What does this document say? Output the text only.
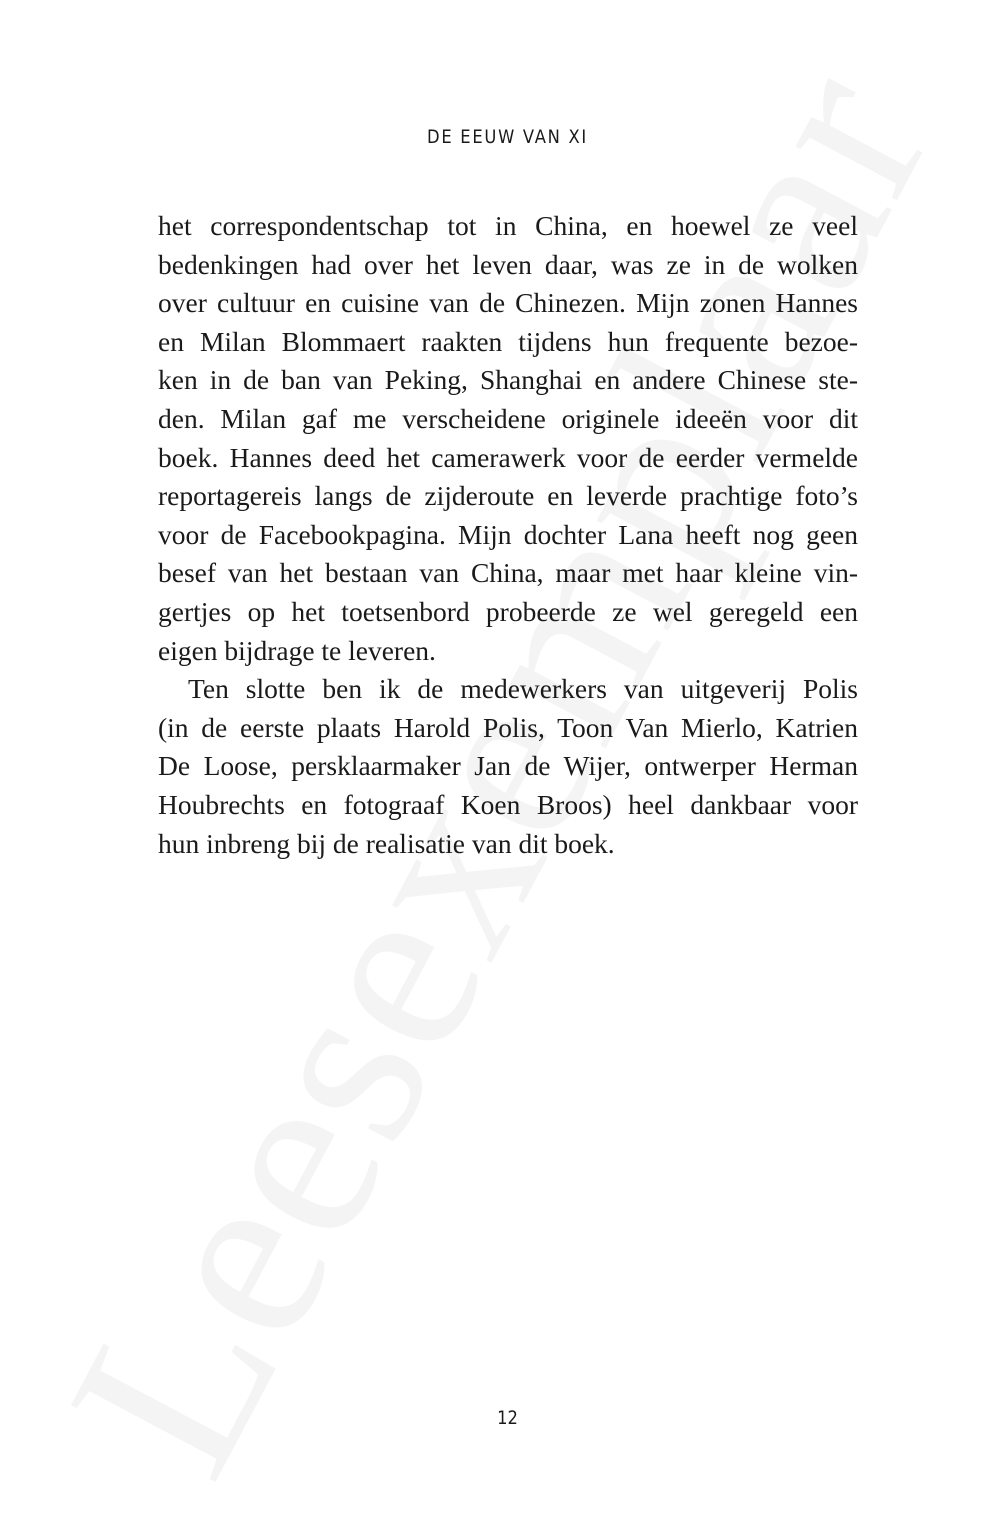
DE EEUW VAN XI
het correspondentschap tot in China, en hoewel ze veel
bedenkingen had over het leven daar, was ze in de wolken
over cultuur en cuisine van de Chinezen. Mijn zonen Hannes
en Milan Blommaert raakten tijdens hun frequente bezoe-
ken in de ban van Peking, Shanghai en andere Chinese ste-
den. Milan gaf me verscheidene originele ideeën voor dit
boek. Hannes deed het camerawerk voor de eerder vermelde
reportagereis langs de zijderoute en leverde prachtige foto’s
voor de Facebookpagina. Mijn dochter Lana heeft nog geen
besef van het bestaan van China, maar met haar kleine vin-
gertjes op het toetsenbord probeerde ze wel geregeld een
eigen bijdrage te leveren.
Ten slotte ben ik de medewerkers van uitgeverij Polis
(in de eerste plaats Harold Polis, Toon Van Mierlo, Katrien
De Loose, persklaarmaker Jan de Wijer, ontwerper Herman
Houbrechts en fotograaf Koen Broos) heel dankbaar voor
hun inbreng bij de realisatie van dit boek.
12
